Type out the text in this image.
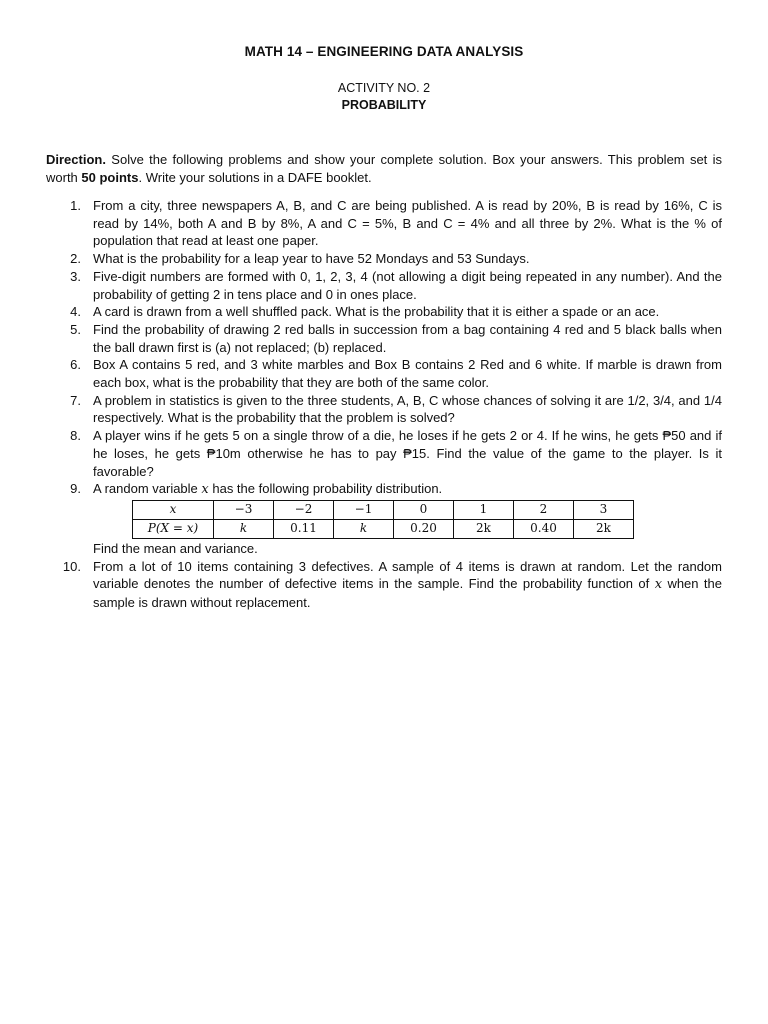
MATH 14 – ENGINEERING DATA ANALYSIS
ACTIVITY NO. 2
PROBABILITY
Direction. Solve the following problems and show your complete solution. Box your answers. This problem set is worth 50 points. Write your solutions in a DAFE booklet.
1. From a city, three newspapers A, B, and C are being published. A is read by 20%, B is read by 16%, C is read by 14%, both A and B by 8%, A and C = 5%, B and C = 4% and all three by 2%. What is the % of population that read at least one paper.
2. What is the probability for a leap year to have 52 Mondays and 53 Sundays.
3. Five-digit numbers are formed with 0, 1, 2, 3, 4 (not allowing a digit being repeated in any number). And the probability of getting 2 in tens place and 0 in ones place.
4. A card is drawn from a well shuffled pack. What is the probability that it is either a spade or an ace.
5. Find the probability of drawing 2 red balls in succession from a bag containing 4 red and 5 black balls when the ball drawn first is (a) not replaced; (b) replaced.
6. Box A contains 5 red, and 3 white marbles and Box B contains 2 Red and 6 white. If marble is drawn from each box, what is the probability that they are both of the same color.
7. A problem in statistics is given to the three students, A, B, C whose chances of solving it are 1/2, 3/4, and 1/4 respectively. What is the probability that the problem is solved?
8. A player wins if he gets 5 on a single throw of a die, he loses if he gets 2 or 4. If he wins, he gets ₱50 and if he loses, he gets ₱10m otherwise he has to pay ₱15. Find the value of the game to the player. Is it favorable?
9. A random variable x has the following probability distribution.
x	−3	−2	−1	0	1	2	3
P(X = x)	k	0.11	k	0.20	2k	0.40	2k
Find the mean and variance.
10. From a lot of 10 items containing 3 defectives. A sample of 4 items is drawn at random. Let the random variable denotes the number of defective items in the sample. Find the probability function of x when the sample is drawn without replacement.
